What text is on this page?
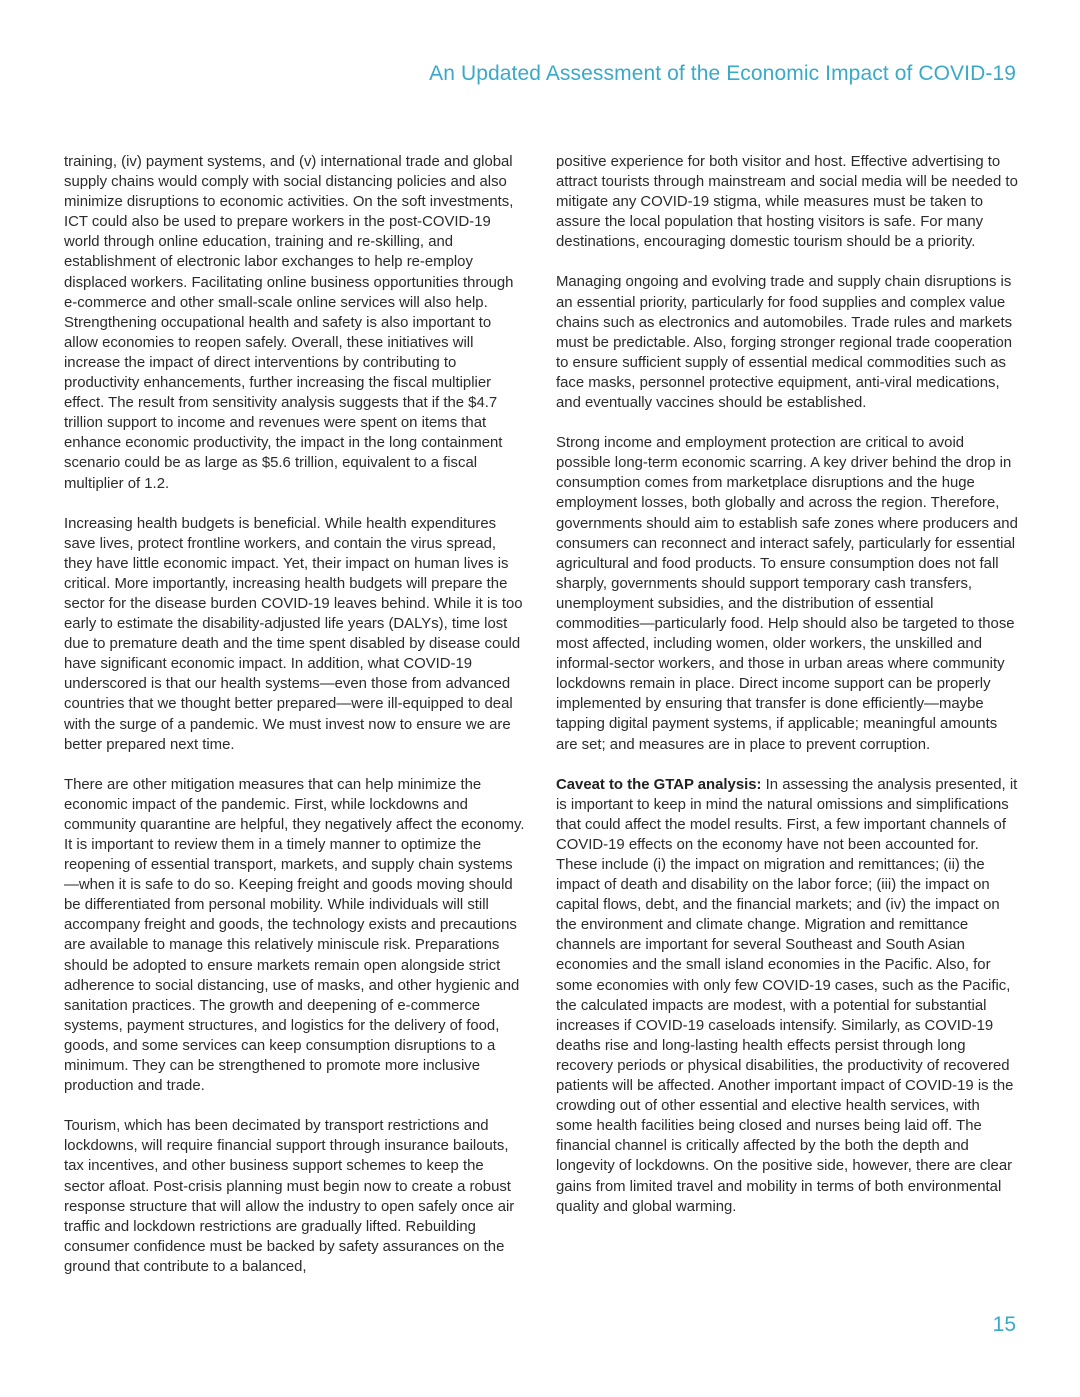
An Updated Assessment of the Economic Impact of COVID-19

training, (iv) payment systems, and (v) international trade and global supply chains would comply with social distancing policies and also minimize disruptions to economic activities. On the soft investments, ICT could also be used to prepare workers in the post-COVID-19 world through online education, training and re-skilling, and establishment of electronic labor exchanges to help re-employ displaced workers. Facilitating online business opportunities through e-commerce and other small-scale online services will also help. Strengthening occupational health and safety is also important to allow economies to reopen safely. Overall, these initiatives will increase the impact of direct interventions by contributing to productivity enhancements, further increasing the fiscal multiplier effect. The result from sensitivity analysis suggests that if the $4.7 trillion support to income and revenues were spent on items that enhance economic productivity, the impact in the long containment scenario could be as large as $5.6 trillion, equivalent to a fiscal multiplier of 1.2.

Increasing health budgets is beneficial. While health expenditures save lives, protect frontline workers, and contain the virus spread, they have little economic impact. Yet, their impact on human lives is critical. More importantly, increasing health budgets will prepare the sector for the disease burden COVID-19 leaves behind. While it is too early to estimate the disability-adjusted life years (DALYs), time lost due to premature death and the time spent disabled by disease could have significant economic impact. In addition, what COVID-19 underscored is that our health systems—even those from advanced countries that we thought better prepared—were ill-equipped to deal with the surge of a pandemic. We must invest now to ensure we are better prepared next time.

There are other mitigation measures that can help minimize the economic impact of the pandemic. First, while lockdowns and community quarantine are helpful, they negatively affect the economy. It is important to review them in a timely manner to optimize the reopening of essential transport, markets, and supply chain systems—when it is safe to do so. Keeping freight and goods moving should be differentiated from personal mobility. While individuals will still accompany freight and goods, the technology exists and precautions are available to manage this relatively miniscule risk. Preparations should be adopted to ensure markets remain open alongside strict adherence to social distancing, use of masks, and other hygienic and sanitation practices. The growth and deepening of e-commerce systems, payment structures, and logistics for the delivery of food, goods, and some services can keep consumption disruptions to a minimum. They can be strengthened to promote more inclusive production and trade.

Tourism, which has been decimated by transport restrictions and lockdowns, will require financial support through insurance bailouts, tax incentives, and other business support schemes to keep the sector afloat. Post-crisis planning must begin now to create a robust response structure that will allow the industry to open safely once air traffic and lockdown restrictions are gradually lifted. Rebuilding consumer confidence must be backed by safety assurances on the ground that contribute to a balanced,

positive experience for both visitor and host. Effective advertising to attract tourists through mainstream and social media will be needed to mitigate any COVID-19 stigma, while measures must be taken to assure the local population that hosting visitors is safe. For many destinations, encouraging domestic tourism should be a priority.

Managing ongoing and evolving trade and supply chain disruptions is an essential priority, particularly for food supplies and complex value chains such as electronics and automobiles. Trade rules and markets must be predictable. Also, forging stronger regional trade cooperation to ensure sufficient supply of essential medical commodities such as face masks, personnel protective equipment, anti-viral medications, and eventually vaccines should be established.

Strong income and employment protection are critical to avoid possible long-term economic scarring. A key driver behind the drop in consumption comes from marketplace disruptions and the huge employment losses, both globally and across the region. Therefore, governments should aim to establish safe zones where producers and consumers can reconnect and interact safely, particularly for essential agricultural and food products. To ensure consumption does not fall sharply, governments should support temporary cash transfers, unemployment subsidies, and the distribution of essential commodities—particularly food. Help should also be targeted to those most affected, including women, older workers, the unskilled and informal-sector workers, and those in urban areas where community lockdowns remain in place. Direct income support can be properly implemented by ensuring that transfer is done efficiently—maybe tapping digital payment systems, if applicable; meaningful amounts are set; and measures are in place to prevent corruption.

Caveat to the GTAP analysis: In assessing the analysis presented, it is important to keep in mind the natural omissions and simplifications that could affect the model results. First, a few important channels of COVID-19 effects on the economy have not been accounted for. These include (i) the impact on migration and remittances; (ii) the impact of death and disability on the labor force; (iii) the impact on capital flows, debt, and the financial markets; and (iv) the impact on the environment and climate change. Migration and remittance channels are important for several Southeast and South Asian economies and the small island economies in the Pacific. Also, for some economies with only few COVID-19 cases, such as the Pacific, the calculated impacts are modest, with a potential for substantial increases if COVID-19 caseloads intensify. Similarly, as COVID-19 deaths rise and long-lasting health effects persist through long recovery periods or physical disabilities, the productivity of recovered patients will be affected. Another important impact of COVID-19 is the crowding out of other essential and elective health services, with some health facilities being closed and nurses being laid off. The financial channel is critically affected by the both the depth and longevity of lockdowns. On the positive side, however, there are clear gains from limited travel and mobility in terms of both environmental quality and global warming.

15
